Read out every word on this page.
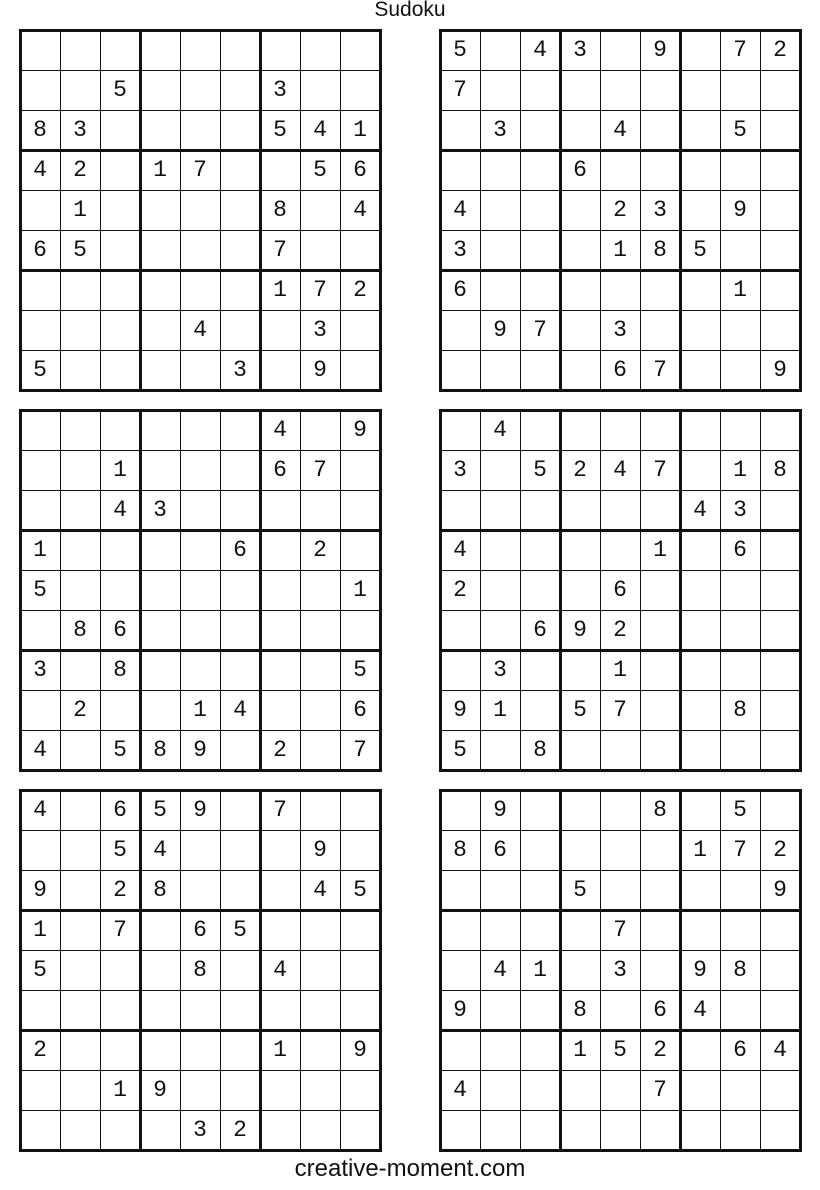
Sudoku

5   3
83    541
42 17  56
1    8 4
65    7
172
4  3
5    3 9
5 43 9 72
7
3  4  5
6
4   23 9
3   185
6      1
97 3
67  9
4 9
1   67
43
1    6 2
5       1
86
3 8     5
2  14  6
4 589 2 7
4
3 5247 18
43
4    1 6
2   6
692
3  1
91 57  8
5 8
4 659 7
54   9
9 28   45
1 7 65
5   8 4

2     1 9
19
32
9   8 5
86    172
5    9
7
41 3 98
9  8 64
152 64
4    7

creative-moment.com
